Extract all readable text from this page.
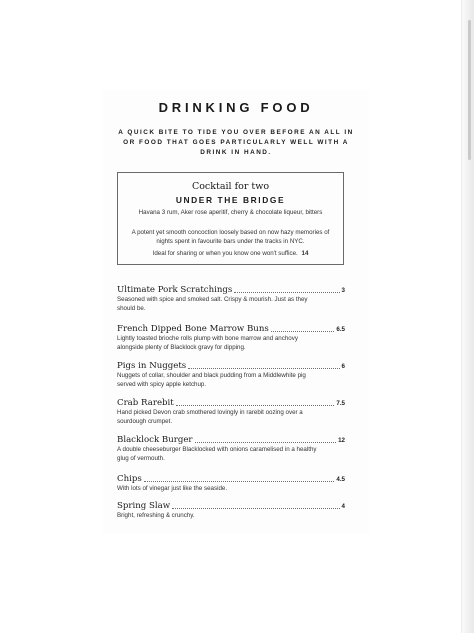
DRINKING FOOD
A QUICK BITE TO TIDE YOU OVER BEFORE AN ALL IN OR FOOD THAT GOES PARTICULARLY WELL WITH A DRINK IN HAND.
Cocktail for two
UNDER THE BRIDGE
Havana 3 rum, Aker rose aperitif, cherry & chocolate liqueur, bitters
A potent yet smooth concoction loosely based on now hazy memories of nights spent in favourite bars under the tracks in NYC.
Ideal for sharing or when you know one won't suffice. 14
Ultimate Pork Scratchings	3
Seasoned with spice and smoked salt. Crispy & mourish. Just as they should be.
French Dipped Bone Marrow Buns	6.5
Lightly toasted brioche rolls plump with bone marrow and anchovy alongside plenty of Blacklock gravy for dipping.
Pigs in Nuggets	6
Nuggets of collar, shoulder and black pudding from a Middlewhite pig served with spicy apple ketchup.
Crab Rarebit	7.5
Hand picked Devon crab smothered lovingly in rarebit oozing over a sourdough crumpet.
Blacklock Burger	12
A double cheeseburger Blacklocked with onions caramelised in a healthy glug of vermouth.
Chips	4.5
With lots of vinegar just like the seaside.
Spring Slaw	4
Bright, refreshing & crunchy.
